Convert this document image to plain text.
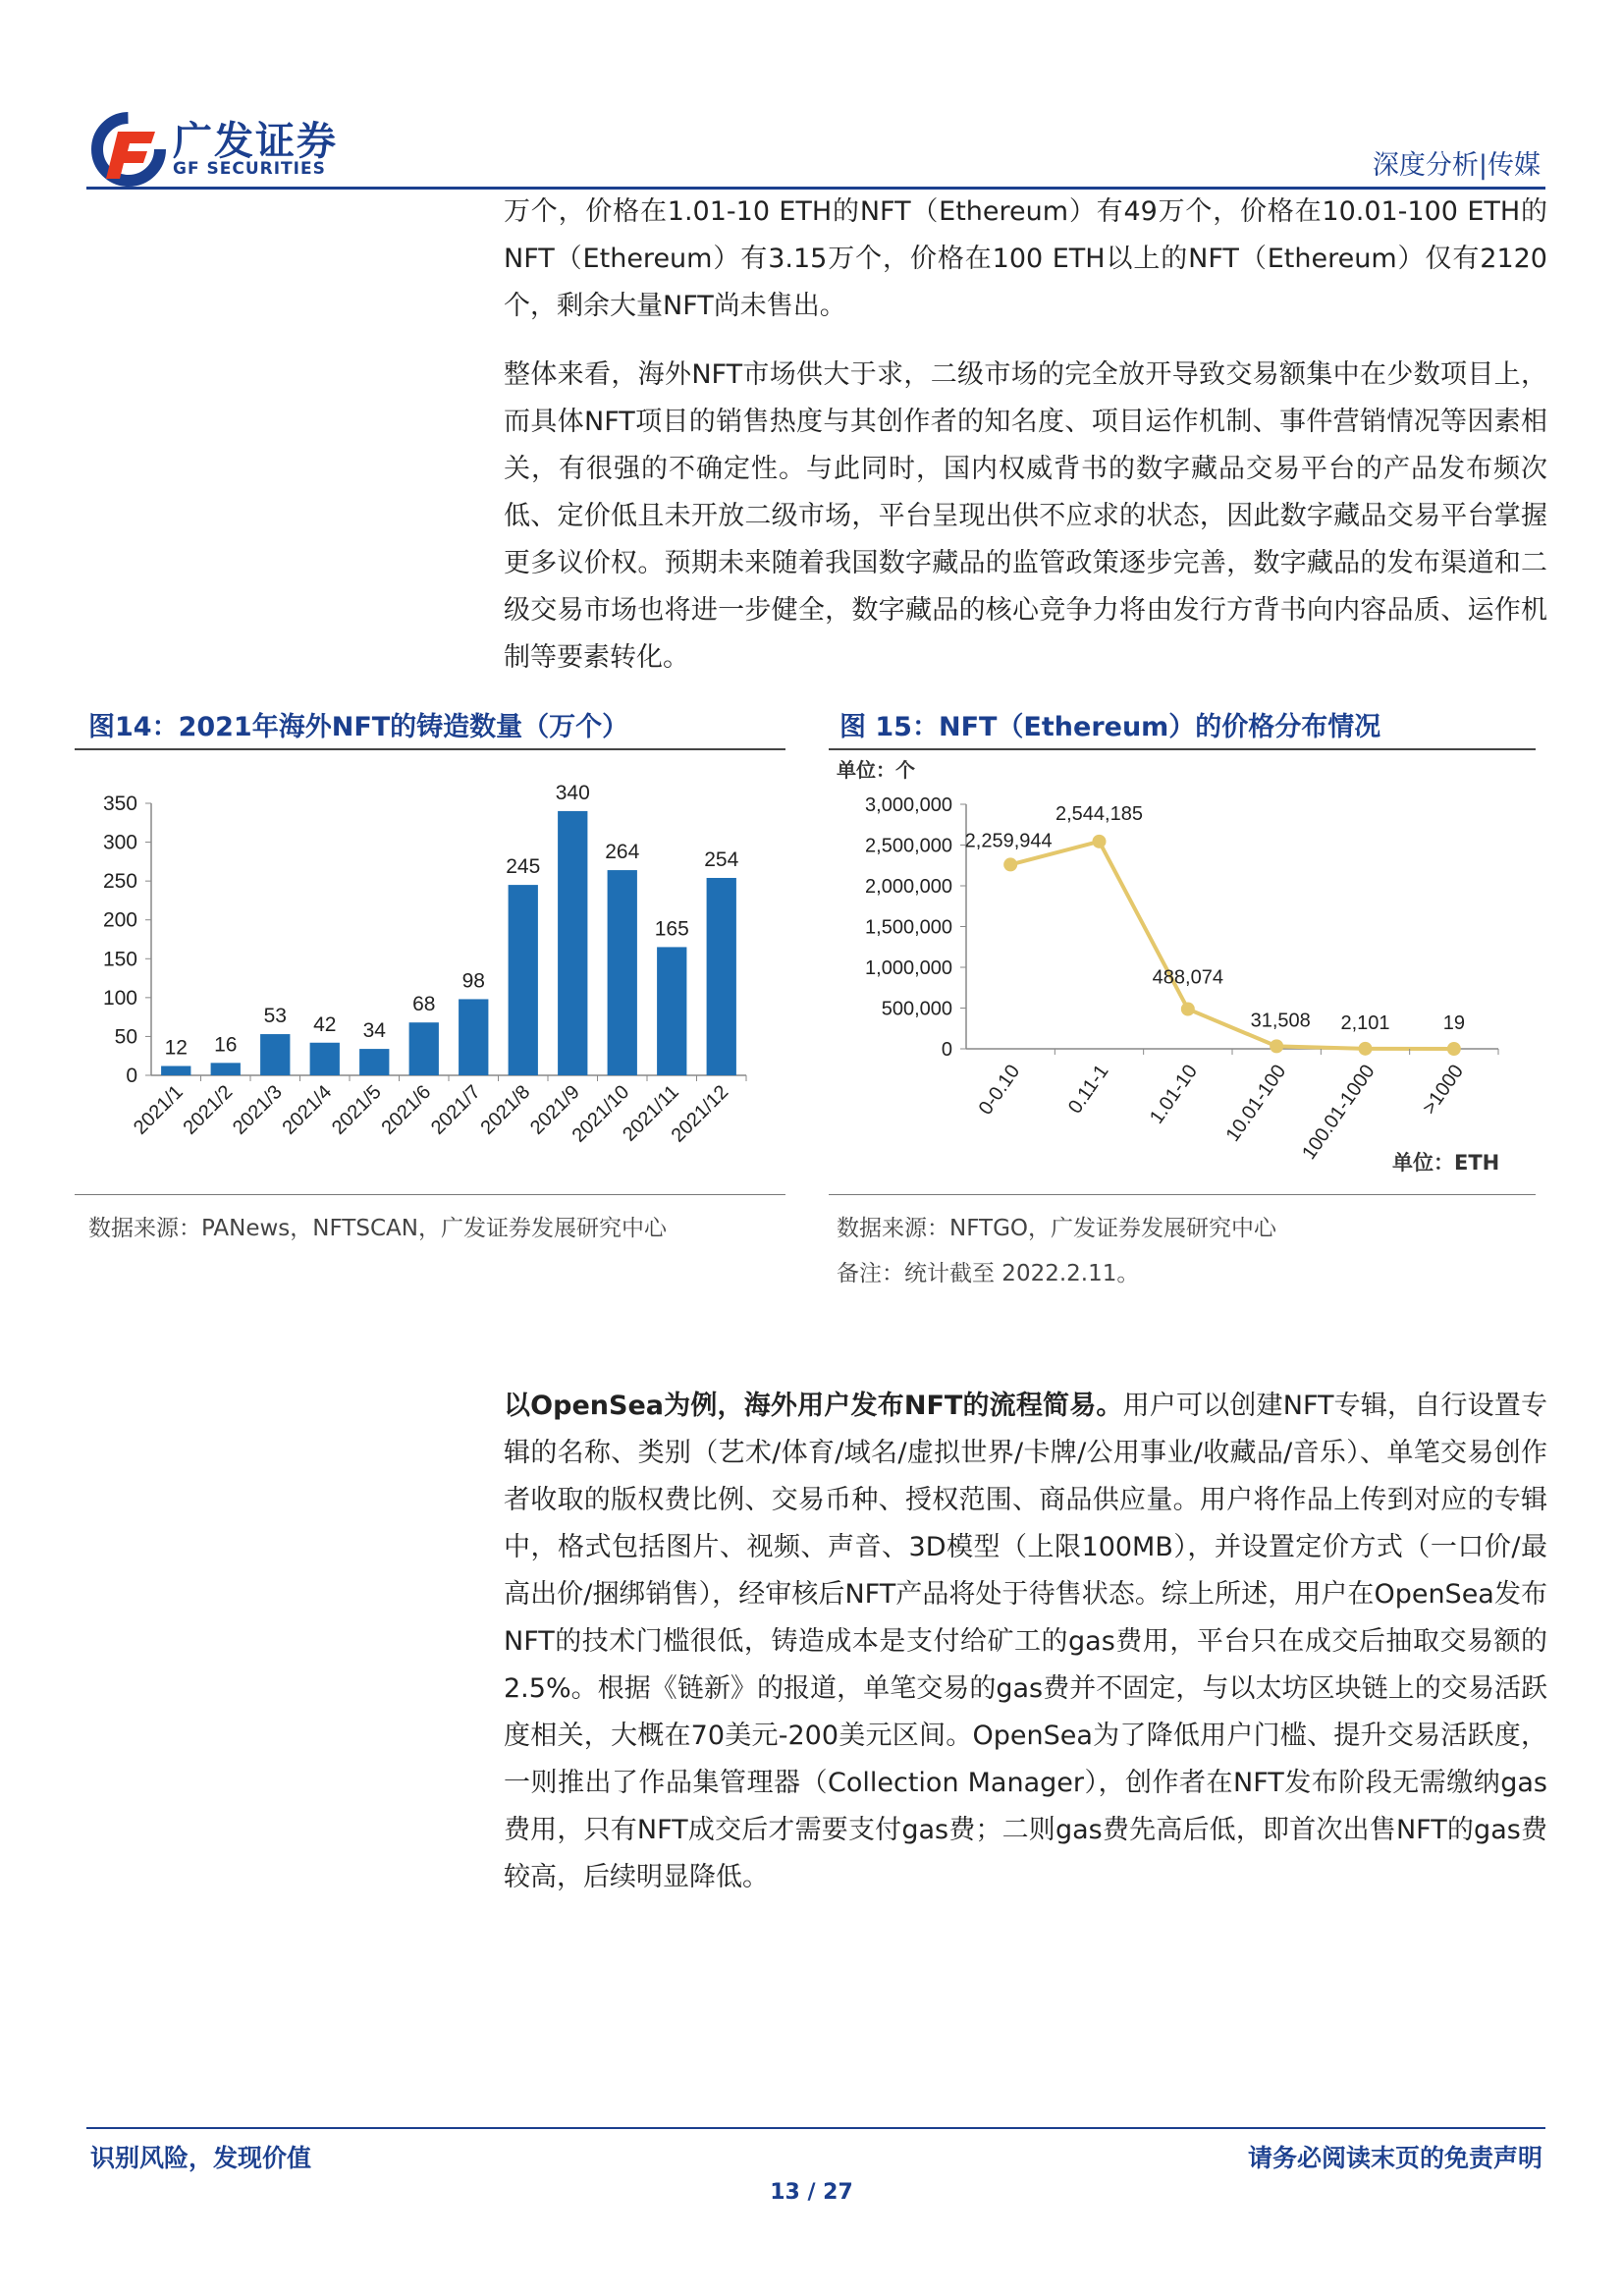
广发证券
GF SECURITIES	深度分析|传媒

万个，价格在1.01-10 ETH的NFT（Ethereum）有49万个，价格在10.01-100 ETH的NFT（Ethereum）有3.15万个，价格在100 ETH以上的NFT（Ethereum）仅有2120个，剩余大量NFT尚未售出。

整体来看，海外NFT市场供大于求，二级市场的完全放开导致交易额集中在少数项目上，而具体NFT项目的销售热度与其创作者的知名度、项目运作机制、事件营销情况等因素相关，有很强的不确定性。与此同时，国内权威背书的数字藏品交易平台的产品发布频次低、定价低且未开放二级市场，平台呈现出供不应求的状态，因此数字藏品交易平台掌握更多议价权。预期未来随着我国数字藏品的监管政策逐步完善，数字藏品的发布渠道和二级交易市场也将进一步健全，数字藏品的核心竞争力将由发行方背书向内容品质、运作机制等要素转化。

图14：2021年海外NFT的铸造数量（万个）
0
50
100
150
200
250
300
350
12
2021/1
16
2021/2
53
2021/3
42
2021/4
34
2021/5
68
2021/6
98
2021/7
245
2021/8
340
2021/9
264
2021/10
165
2021/11
254
2021/12
数据来源：PANews，NFTSCAN，广发证券发展研究中心
图 15：NFT（Ethereum）的价格分布情况
单位：个
0
500,000
1,000,000
1,500,000
2,000,000
2,500,000
3,000,000
2,259,944
0-0.10
2,544,185
0.11-1
488,074
1.01-10
31,508
10.01-100
2,101
100.01-1000
19
>1000
单位：ETH
数据来源：NFTGO，广发证券发展研究中心
备注：统计截至 2022.2.11。

以OpenSea为例，海外用户发布NFT的流程简易。用户可以创建NFT专辑，自行设置专辑的名称、类别（艺术/体育/域名/虚拟世界/卡牌/公用事业/收藏品/音乐）、单笔交易创作者收取的版权费比例、交易币种、授权范围、商品供应量。用户将作品上传到对应的专辑中，格式包括图片、视频、声音、3D模型（上限100MB），并设置定价方式（一口价/最高出价/捆绑销售），经审核后NFT产品将处于待售状态。综上所述，用户在OpenSea发布NFT的技术门槛很低，铸造成本是支付给矿工的gas费用，平台只在成交后抽取交易额的2.5%。根据《链新》的报道，单笔交易的gas费并不固定，与以太坊区块链上的交易活跃度相关，大概在70美元-200美元区间。OpenSea为了降低用户门槛、提升交易活跃度，一则推出了作品集管理器（Collection Manager），创作者在NFT发布阶段无需缴纳gas费用，只有NFT成交后才需要支付gas费；二则gas费先高后低，即首次出售NFT的gas费较高，后续明显降低。

识别风险，发现价值	请务必阅读末页的免责声明
13 / 27
